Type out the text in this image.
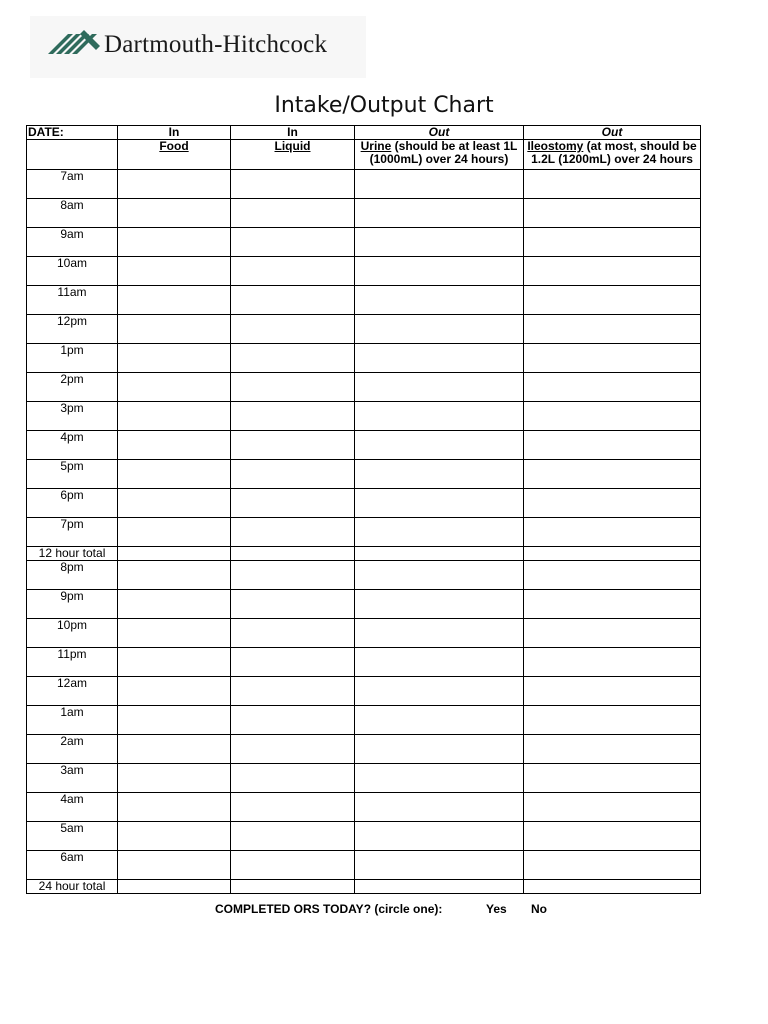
Dartmouth-Hitchcock
Intake/Output Chart
DATE:	In	In	Out	Out
	Food	Liquid	Urine (should be at least 1L (1000mL) over 24 hours)	Ileostomy (at most, should be 1.2L (1200mL) over 24 hours
7am				
8am				
9am				
10am				
11am				
12pm				
1pm				
2pm				
3pm				
4pm				
5pm				
6pm				
7pm				
12 hour total				
8pm				
9pm				
10pm				
11pm				
12am				
1am				
2am				
3am				
4am				
5am				
6am				
24 hour total				
COMPLETED ORS TODAY? (circle one):	Yes No
